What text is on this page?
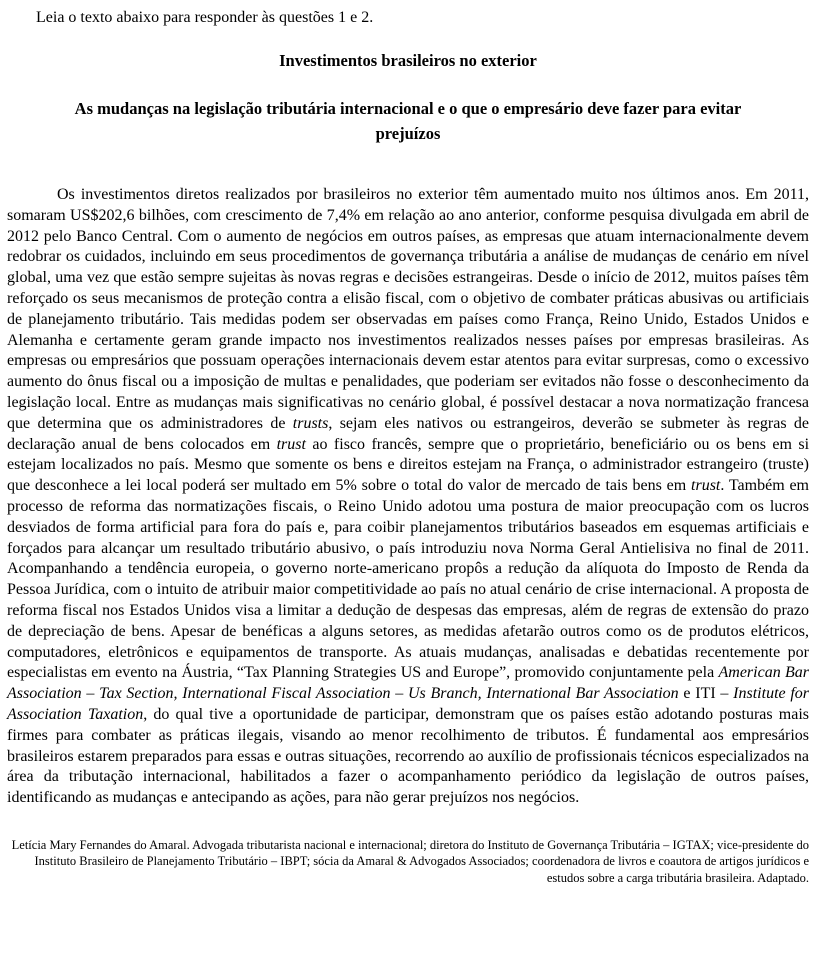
Leia o texto abaixo para responder às questões 1 e 2.
Investimentos brasileiros no exterior
As mudanças na legislação tributária internacional e o que o empresário deve fazer para evitar prejuízos
Os investimentos diretos realizados por brasileiros no exterior têm aumentado muito nos últimos anos. Em 2011, somaram US$202,6 bilhões, com crescimento de 7,4% em relação ao ano anterior, conforme pesquisa divulgada em abril de 2012 pelo Banco Central. Com o aumento de negócios em outros países, as empresas que atuam internacionalmente devem redobrar os cuidados, incluindo em seus procedimentos de governança tributária a análise de mudanças de cenário em nível global, uma vez que estão sempre sujeitas às novas regras e decisões estrangeiras. Desde o início de 2012, muitos países têm reforçado os seus mecanismos de proteção contra a elisão fiscal, com o objetivo de combater práticas abusivas ou artificiais de planejamento tributário. Tais medidas podem ser observadas em países como França, Reino Unido, Estados Unidos e Alemanha e certamente geram grande impacto nos investimentos realizados nesses países por empresas brasileiras. As empresas ou empresários que possuam operações internacionais devem estar atentos para evitar surpresas, como o excessivo aumento do ônus fiscal ou a imposição de multas e penalidades, que poderiam ser evitados não fosse o desconhecimento da legislação local. Entre as mudanças mais significativas no cenário global, é possível destacar a nova normatização francesa que determina que os administradores de trusts, sejam eles nativos ou estrangeiros, deverão se submeter às regras de declaração anual de bens colocados em trust ao fisco francês, sempre que o proprietário, beneficiário ou os bens em si estejam localizados no país. Mesmo que somente os bens e direitos estejam na França, o administrador estrangeiro (truste) que desconhece a lei local poderá ser multado em 5% sobre o total do valor de mercado de tais bens em trust. Também em processo de reforma das normatizações fiscais, o Reino Unido adotou uma postura de maior preocupação com os lucros desviados de forma artificial para fora do país e, para coibir planejamentos tributários baseados em esquemas artificiais e forçados para alcançar um resultado tributário abusivo, o país introduziu nova Norma Geral Antielisiva no final de 2011. Acompanhando a tendência europeia, o governo norte-americano propôs a redução da alíquota do Imposto de Renda da Pessoa Jurídica, com o intuito de atribuir maior competitividade ao país no atual cenário de crise internacional. A proposta de reforma fiscal nos Estados Unidos visa a limitar a dedução de despesas das empresas, além de regras de extensão do prazo de depreciação de bens. Apesar de benéficas a alguns setores, as medidas afetarão outros como os de produtos elétricos, computadores, eletrônicos e equipamentos de transporte. As atuais mudanças, analisadas e debatidas recentemente por especialistas em evento na Áustria, “Tax Planning Strategies US and Europe”, promovido conjuntamente pela American Bar Association – Tax Section, International Fiscal Association – Us Branch, International Bar Association e ITI – Institute for Association Taxation, do qual tive a oportunidade de participar, demonstram que os países estão adotando posturas mais firmes para combater as práticas ilegais, visando ao menor recolhimento de tributos. É fundamental aos empresários brasileiros estarem preparados para essas e outras situações, recorrendo ao auxílio de profissionais técnicos especializados na área da tributação internacional, habilitados a fazer o acompanhamento periódico da legislação de outros países, identificando as mudanças e antecipando as ações, para não gerar prejuízos nos negócios.
Letícia Mary Fernandes do Amaral. Advogada tributarista nacional e internacional; diretora do Instituto de Governança Tributária – IGTAX; vice-presidente do Instituto Brasileiro de Planejamento Tributário – IBPT; sócia da Amaral & Advogados Associados; coordenadora de livros e coautora de artigos jurídicos e estudos sobre a carga tributária brasileira. Adaptado.
